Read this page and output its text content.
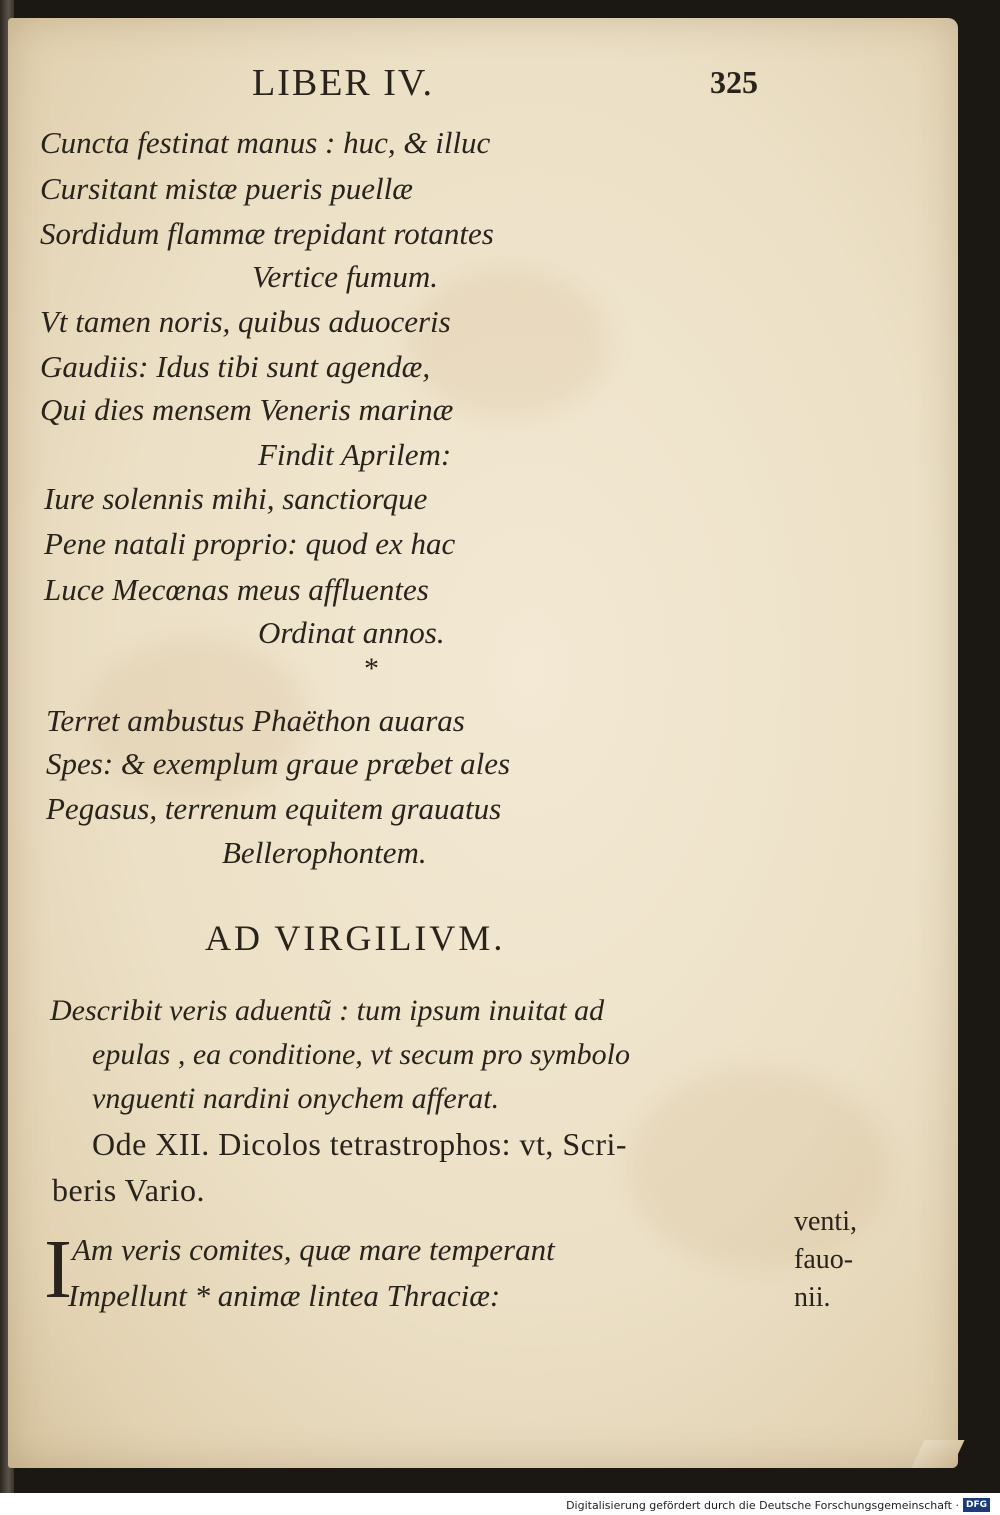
LIBER IV.	325
Cuncta festinat manus : huc, & illuc
Cursitant mistæ pueris puellæ
Sordidum flammæ trepidant rotantes
Vertice fumum.
Vt tamen noris, quibus aduoceris
Gaudiis: Idus tibi sunt agendæ,
Qui dies mensem Veneris marinæ
Findit Aprilem:
Iure solennis mihi, sanctiorque
Pene natali proprio: quod ex hac
Luce Mecœnas meus affluentes
Ordinat annos.
*
Terret ambustus Phaëthon auaras
Spes: & exemplum graue præbet ales
Pegasus, terrenum equitem grauatus
Bellerophontem.
AD VIRGILIVM.
Describit veris aduentũ : tum ipsum inuitat ad
epulas , ea conditione, vt secum pro symbolo
vnguenti nardini onychem afferat.
Ode XII. Dicolos tetrastrophos: vt, Scri-
beris Vario.
I Am veris comites, quæ mare temperant
Impellunt * animæ lintea Thraciæ:
venti,
fauo-
nii.
Digitalisierung gefördert durch die Deutsche Forschungsgemeinschaft · DFG
